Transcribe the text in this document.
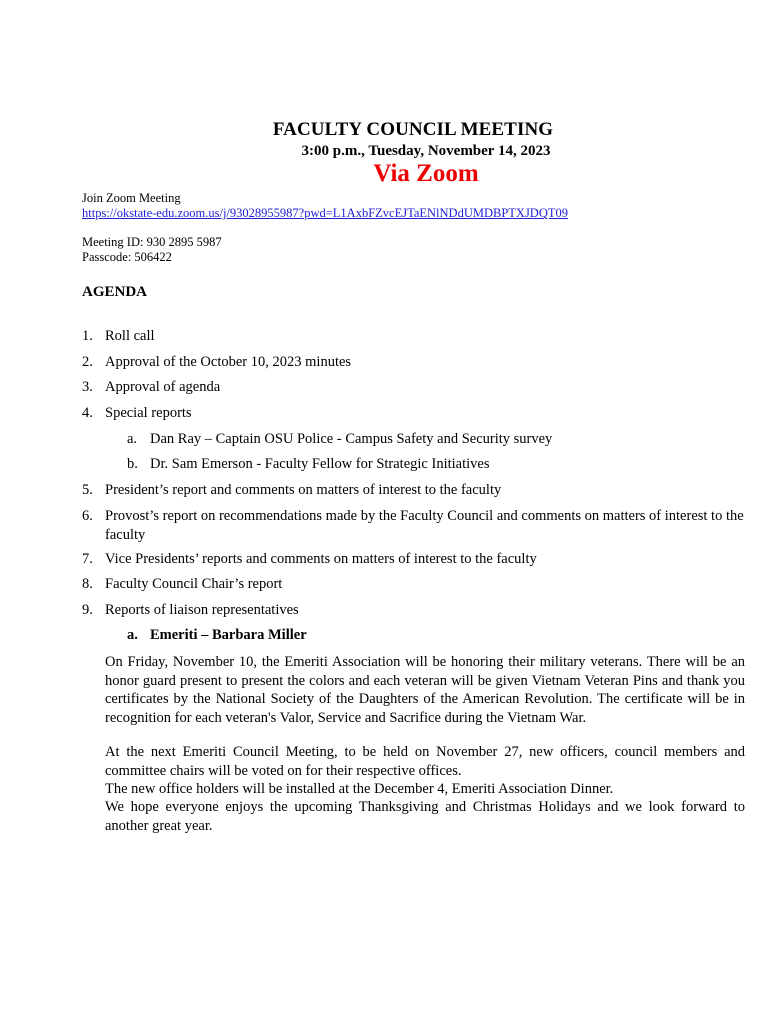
FACULTY COUNCIL MEETING
3:00 p.m., Tuesday, November 14, 2023
Via Zoom
Join Zoom Meeting
https://okstate-edu.zoom.us/j/93028955987?pwd=L1AxbFZvcEJTaENlNDdUMDBPTXJDQT09
Meeting ID: 930 2895 5987
Passcode: 506422
AGENDA
1. Roll call
2. Approval of the October 10, 2023 minutes
3. Approval of agenda
4. Special reports
a. Dan Ray – Captain OSU Police - Campus Safety and Security survey
b. Dr. Sam Emerson - Faculty Fellow for Strategic Initiatives
5. President’s report and comments on matters of interest to the faculty
6. Provost’s report on recommendations made by the Faculty Council and comments on matters of interest to the faculty
7. Vice Presidents’ reports and comments on matters of interest to the faculty
8. Faculty Council Chair’s report
9. Reports of liaison representatives
a. Emeriti – Barbara Miller
On Friday, November 10, the Emeriti Association will be honoring their military veterans. There will be an honor guard present to present the colors and each veteran will be given Vietnam Veteran Pins and thank you certificates by the National Society of the Daughters of the American Revolution. The certificate will be in recognition for each veteran's Valor, Service and Sacrifice during the Vietnam War.
At the next Emeriti Council Meeting, to be held on November 27, new officers, council members and committee chairs will be voted on for their respective offices.
The new office holders will be installed at the December 4, Emeriti Association Dinner.
We hope everyone enjoys the upcoming Thanksgiving and Christmas Holidays and we look forward to another great year.
